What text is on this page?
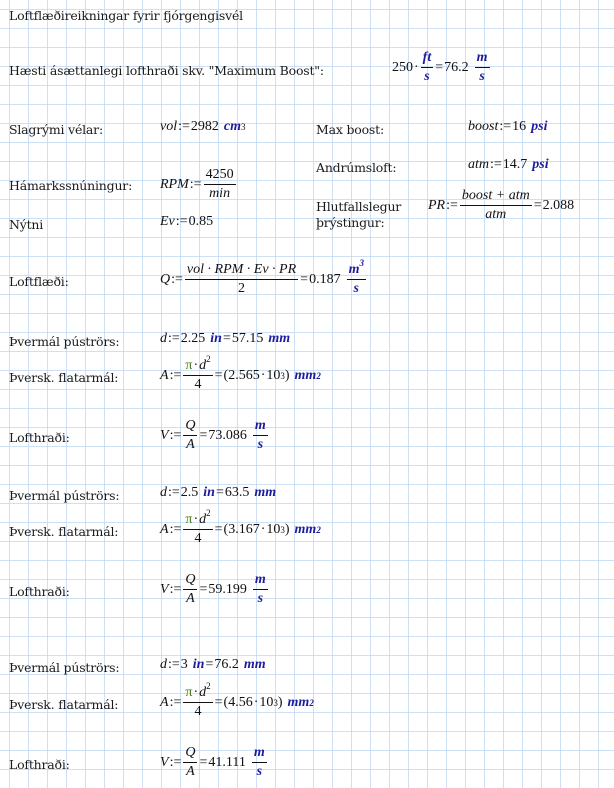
Loftflæðireikningar fyrir fjórgengisvél
Hæsti ásættanlegi lofthraði skv. "Maximum Boost":	$250 \cdot \frac{ft}{s} = 76.2 \frac{m}{s}$
Slagrými vélar:	vol := 2982 cm 3	Max boost:	boost := 16 psi
Andrúmsloft:	atm := 14.7 psi
Hámarkssnúningur: RPM := $\frac{4250}{\min}$
Hlutfallslegur
þrýstingur:
PR := $\frac{\text{boost + atm}}{\text{atm}} = 2.088$
Nýtni	Ev := 0.85
Loftflæði:	Q := $\frac{\text{vol · RPM · Ev · PR}}{2} = 0.187 \frac{m^3}{s}$
Þvermál púströrs:	d := 2.25 in = 57.15 mm
Þversk. flatarmál:	A := $\frac{\pi\cdot d^2}{4}$ = ( 2.565 · 10 3 ) mm 2
Lofthraði:	V := $\frac{Q}{A} = 73.086 \frac{m}{s}$
Þvermál púströrs:	d := 2.5 in = 63.5 mm
Þversk. flatarmál:	A := $\frac{\pi\cdot d^2}{4}$ = ( 3.167 · 10 3 ) mm 2
Lofthraði:	V := $\frac{Q}{A} = 59.199 \frac{m}{s}$
Þvermál púströrs:	d := 3 in = 76.2 mm
Þversk. flatarmál:	A := $\frac{\pi\cdot d^2}{4}$ = ( 4.56 · 10 3 ) mm 2
Lofthraði:	V := $\frac{Q}{A} = 41.111 \frac{m}{s}$
